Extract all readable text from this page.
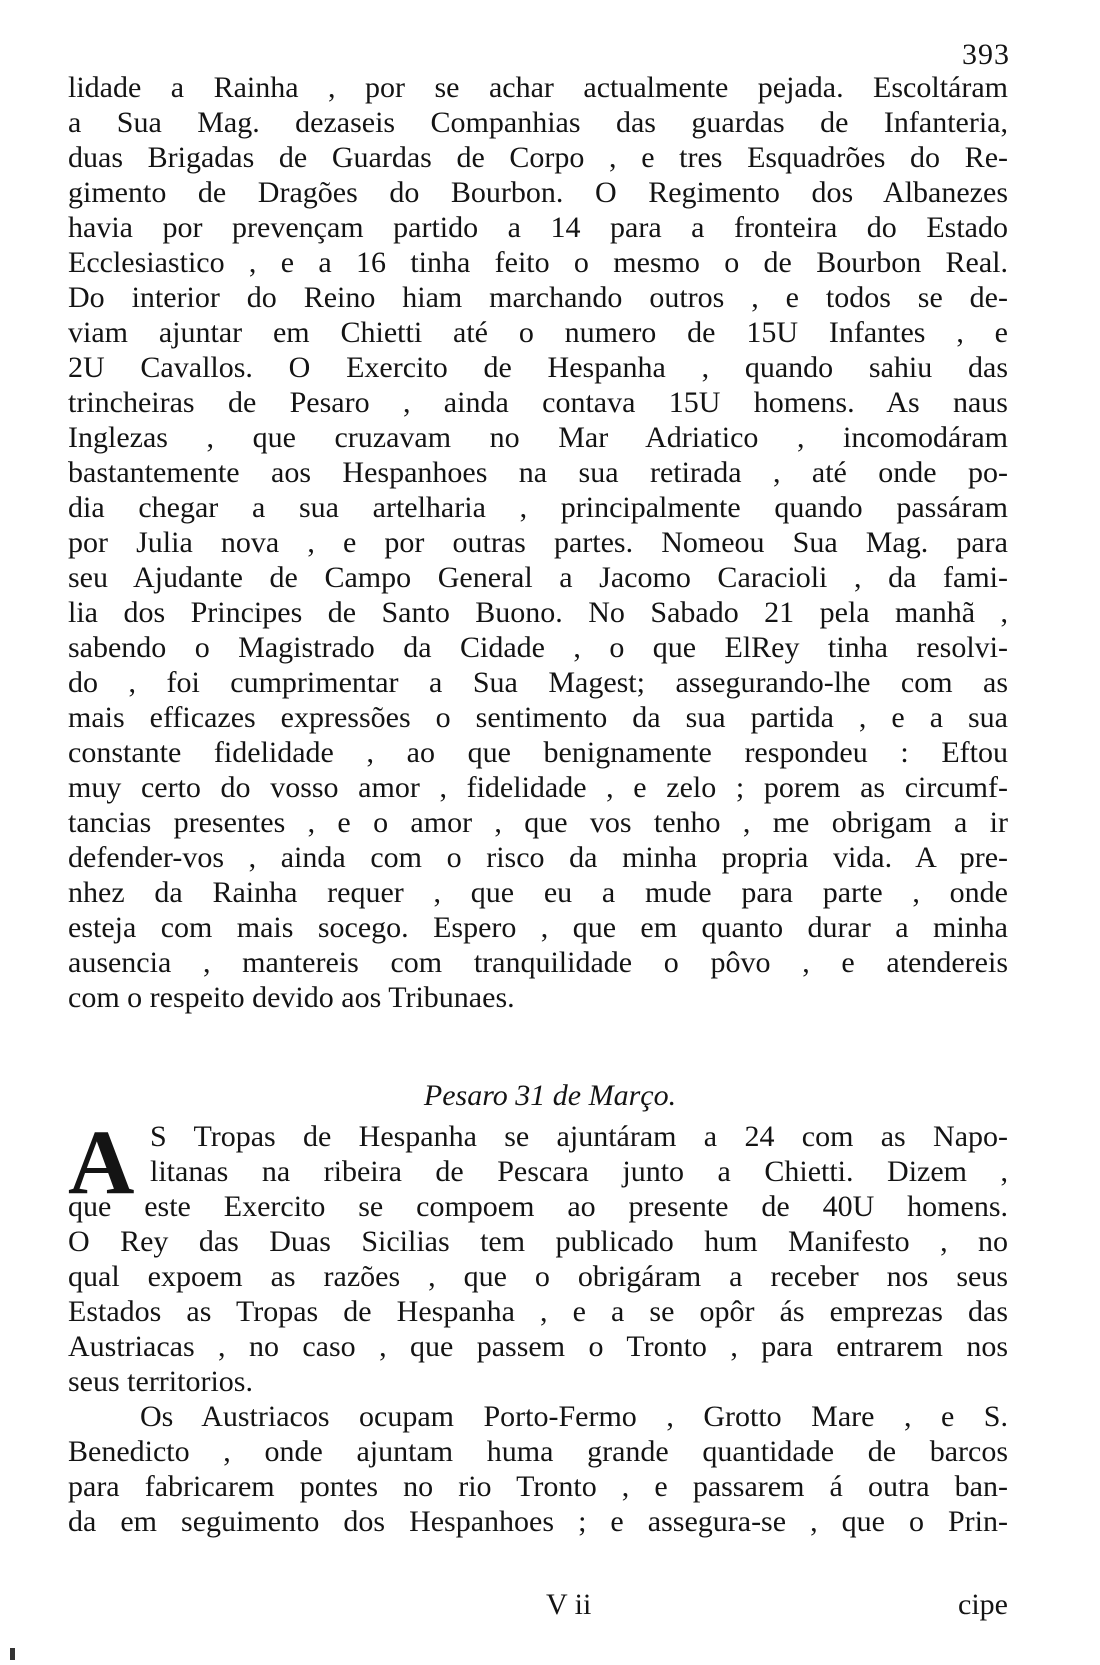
393
lidade a Rainha , por se achar actualmente pejada. Escoltáram
a Sua Mag. dezaseis Companhias das guardas de Infanteria,
duas Brigadas de Guardas de Corpo , e tres Esquadrões do Re-
gimento de Dragões do Bourbon. O Regimento dos Albanezes
havia por prevençam partido a 14 para a fronteira do Estado
Ecclesiastico , e a 16 tinha feito o mesmo o de Bourbon Real.
Do interior do Reino hiam marchando outros , e todos se de-
viam ajuntar em Chietti até o numero de 15U Infantes , e
2U Cavallos. O Exercito de Hespanha , quando sahiu das
trincheiras de Pesaro , ainda contava 15U homens. As naus
Inglezas , que cruzavam no Mar Adriatico , incomodáram
bastantemente aos Hespanhoes na sua retirada , até onde po-
dia chegar a sua artelharia , principalmente quando passáram
por Julia nova , e por outras partes. Nomeou Sua Mag. para
seu Ajudante de Campo General a Jacomo Caracioli , da fami-
lia dos Principes de Santo Buono. No Sabado 21 pela manhã ,
sabendo o Magistrado da Cidade , o que ElRey tinha resolvi-
do , foi cumprimentar a Sua Magest; assegurando-lhe com as
mais efficazes expressões o sentimento da sua partida , e a sua
constante fidelidade , ao que benignamente respondeu : Eftou
muy certo do vosso amor , fidelidade , e zelo ; porem as circumf-
tancias presentes , e o amor , que vos tenho , me obrigam a ir
defender-vos , ainda com o risco da minha propria vida. A pre-
nhez da Rainha requer , que eu a mude para parte , onde
esteja com mais socego. Espero , que em quanto durar a minha
ausencia , mantereis com tranquilidade o pôvo , e atendereis
com o respeito devido aos Tribunaes.
Pesaro 31 de Março.
A S Tropas de Hespanha se ajuntáram a 24 com as Napo-
litanas na ribeira de Pescara junto a Chietti. Dizem ,
que este Exercito se compoem ao presente de 40U homens.
O Rey das Duas Sicilias tem publicado hum Manifesto , no
qual expoem as razões , que o obrigáram a receber nos seus
Estados as Tropas de Hespanha , e a se opôr ás emprezas das
Austriacas , no caso , que passem o Tronto , para entrarem nos
seus territorios.
Os Austriacos ocupam Porto-Fermo , Grotto Mare , e S.
Benedicto , onde ajuntam huma grande quantidade de barcos
para fabricarem pontes no rio Tronto , e passarem á outra ban-
da em seguimento dos Hespanhoes ; e assegura-se , que o Prin-
V ii	cipe
